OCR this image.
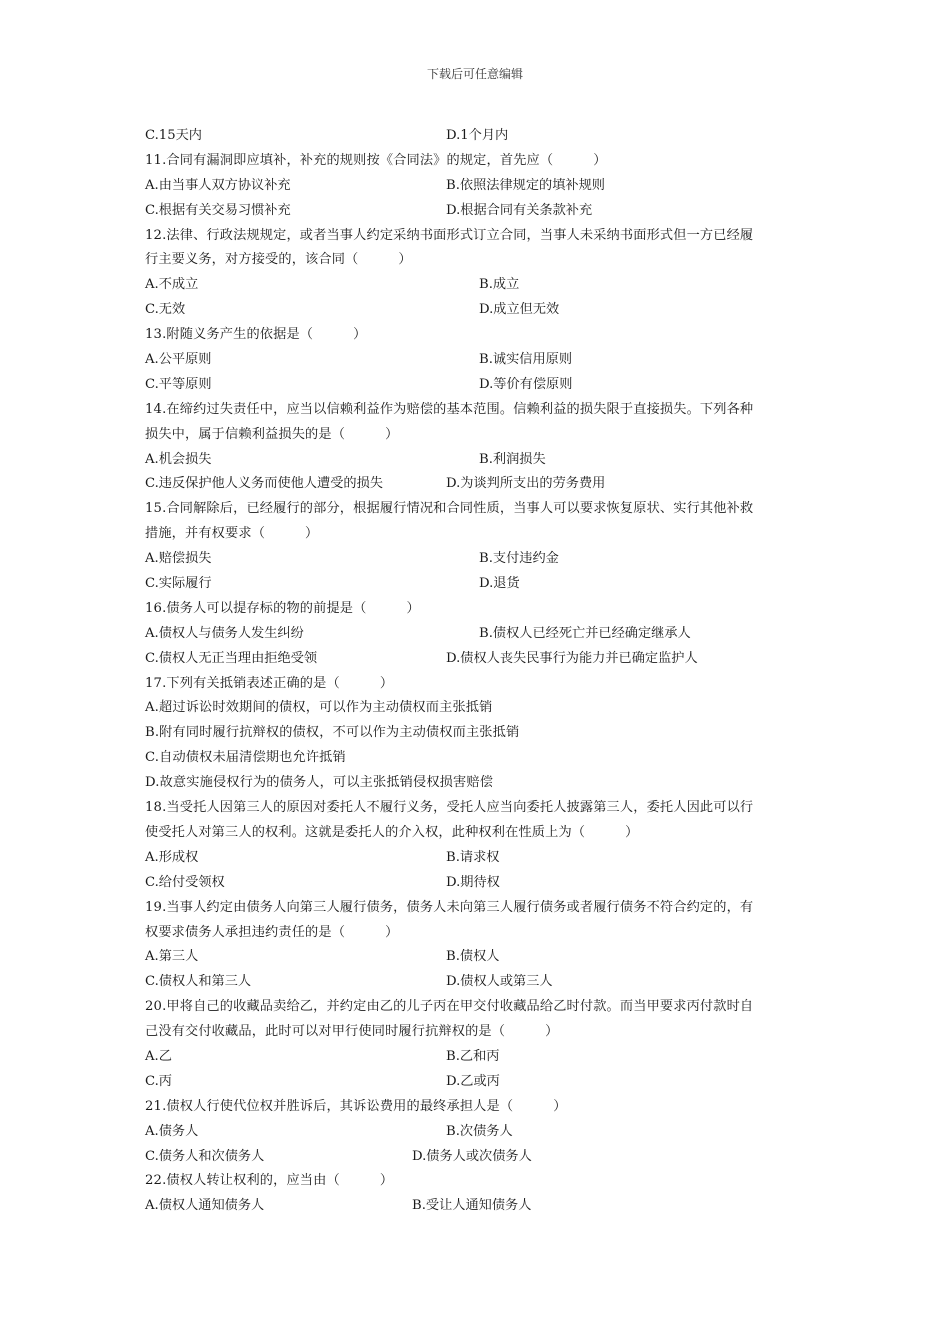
下载后可任意编辑
C.15天内	D.1个月内
11.合同有漏洞即应填补，补充的规则按《合同法》的规定，首先应（　　　）
A.由当事人双方协议补充	B.依照法律规定的填补规则
C.根据有关交易习惯补充	D.根据合同有关条款补充
12.法律、行政法规规定，或者当事人约定采纳书面形式订立合同，当事人未采纳书面形式但一方已经履
行主要义务，对方接受的，该合同（　　　）
A.不成立	B.成立
C.无效	D.成立但无效
13.附随义务产生的依据是（　　　）
A.公平原则	B.诚实信用原则
C.平等原则	D.等价有偿原则
14.在缔约过失责任中，应当以信赖利益作为赔偿的基本范围。信赖利益的损失限于直接损失。下列各种
损失中，属于信赖利益损失的是（　　　）
A.机会损失	B.利润损失
C.违反保护他人义务而使他人遭受的损失	D.为谈判所支出的劳务费用
15.合同解除后，已经履行的部分，根据履行情况和合同性质，当事人可以要求恢复原状、实行其他补救
措施，并有权要求（　　　）
A.赔偿损失	B.支付违约金
C.实际履行	D.退货
16.债务人可以提存标的物的前提是（　　　）
A.债权人与债务人发生纠纷	B.债权人已经死亡并已经确定继承人
C.债权人无正当理由拒绝受领	D.债权人丧失民事行为能力并已确定监护人
17.下列有关抵销表述正确的是（　　　）
A.超过诉讼时效期间的债权，可以作为主动债权而主张抵销
B.附有同时履行抗辩权的债权，不可以作为主动债权而主张抵销
C.自动债权未届清偿期也允许抵销
D.故意实施侵权行为的债务人，可以主张抵销侵权损害赔偿
18.当受托人因第三人的原因对委托人不履行义务，受托人应当向委托人披露第三人，委托人因此可以行
使受托人对第三人的权利。这就是委托人的介入权，此种权利在性质上为（　　　）
A.形成权	B.请求权
C.给付受领权	D.期待权
19.当事人约定由债务人向第三人履行债务，债务人未向第三人履行债务或者履行债务不符合约定的，有
权要求债务人承担违约责任的是（　　　）
A.第三人	B.债权人
C.债权人和第三人	D.债权人或第三人
20.甲将自己的收藏品卖给乙，并约定由乙的儿子丙在甲交付收藏品给乙时付款。而当甲要求丙付款时自
己没有交付收藏品，此时可以对甲行使同时履行抗辩权的是（　　　）
A.乙	B.乙和丙
C.丙	D.乙或丙
21.债权人行使代位权并胜诉后，其诉讼费用的最终承担人是（　　　）
A.债务人	B.次债务人
C.债务人和次债务人	D.债务人或次债务人
22.债权人转让权利的，应当由（　　　）
A.债权人通知债务人	B.受让人通知债务人
